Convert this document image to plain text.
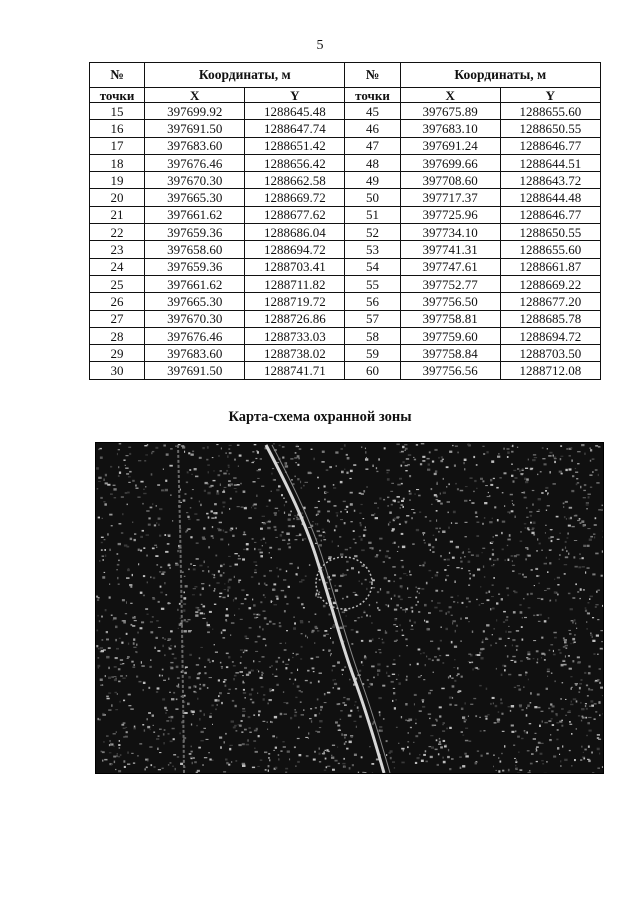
5
№	Координаты, м		№	Координаты, м	
точки	X	Y	точки	X	Y
15	397699.92	1288645.48	45	397675.89	1288655.60
16	397691.50	1288647.74	46	397683.10	1288650.55
17	397683.60	1288651.42	47	397691.24	1288646.77
18	397676.46	1288656.42	48	397699.66	1288644.51
19	397670.30	1288662.58	49	397708.60	1288643.72
20	397665.30	1288669.72	50	397717.37	1288644.48
21	397661.62	1288677.62	51	397725.96	1288646.77
22	397659.36	1288686.04	52	397734.10	1288650.55
23	397658.60	1288694.72	53	397741.31	1288655.60
24	397659.36	1288703.41	54	397747.61	1288661.87
25	397661.62	1288711.82	55	397752.77	1288669.22
26	397665.30	1288719.72	56	397756.50	1288677.20
27	397670.30	1288726.86	57	397758.81	1288685.78
28	397676.46	1288733.03	58	397759.60	1288694.72
29	397683.60	1288738.02	59	397758.84	1288703.50
30	397691.50	1288741.71	60	397756.56	1288712.08
Карта-схема охранной зоны
